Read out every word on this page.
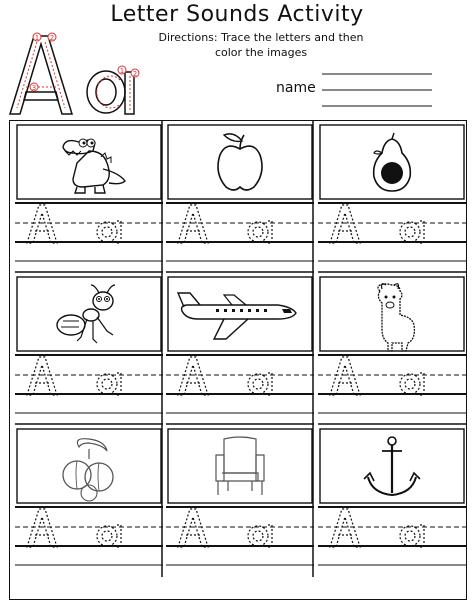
Letter Sounds Activity
Directions: Trace the letters and then
color the images
1 2
3
1 2
name
